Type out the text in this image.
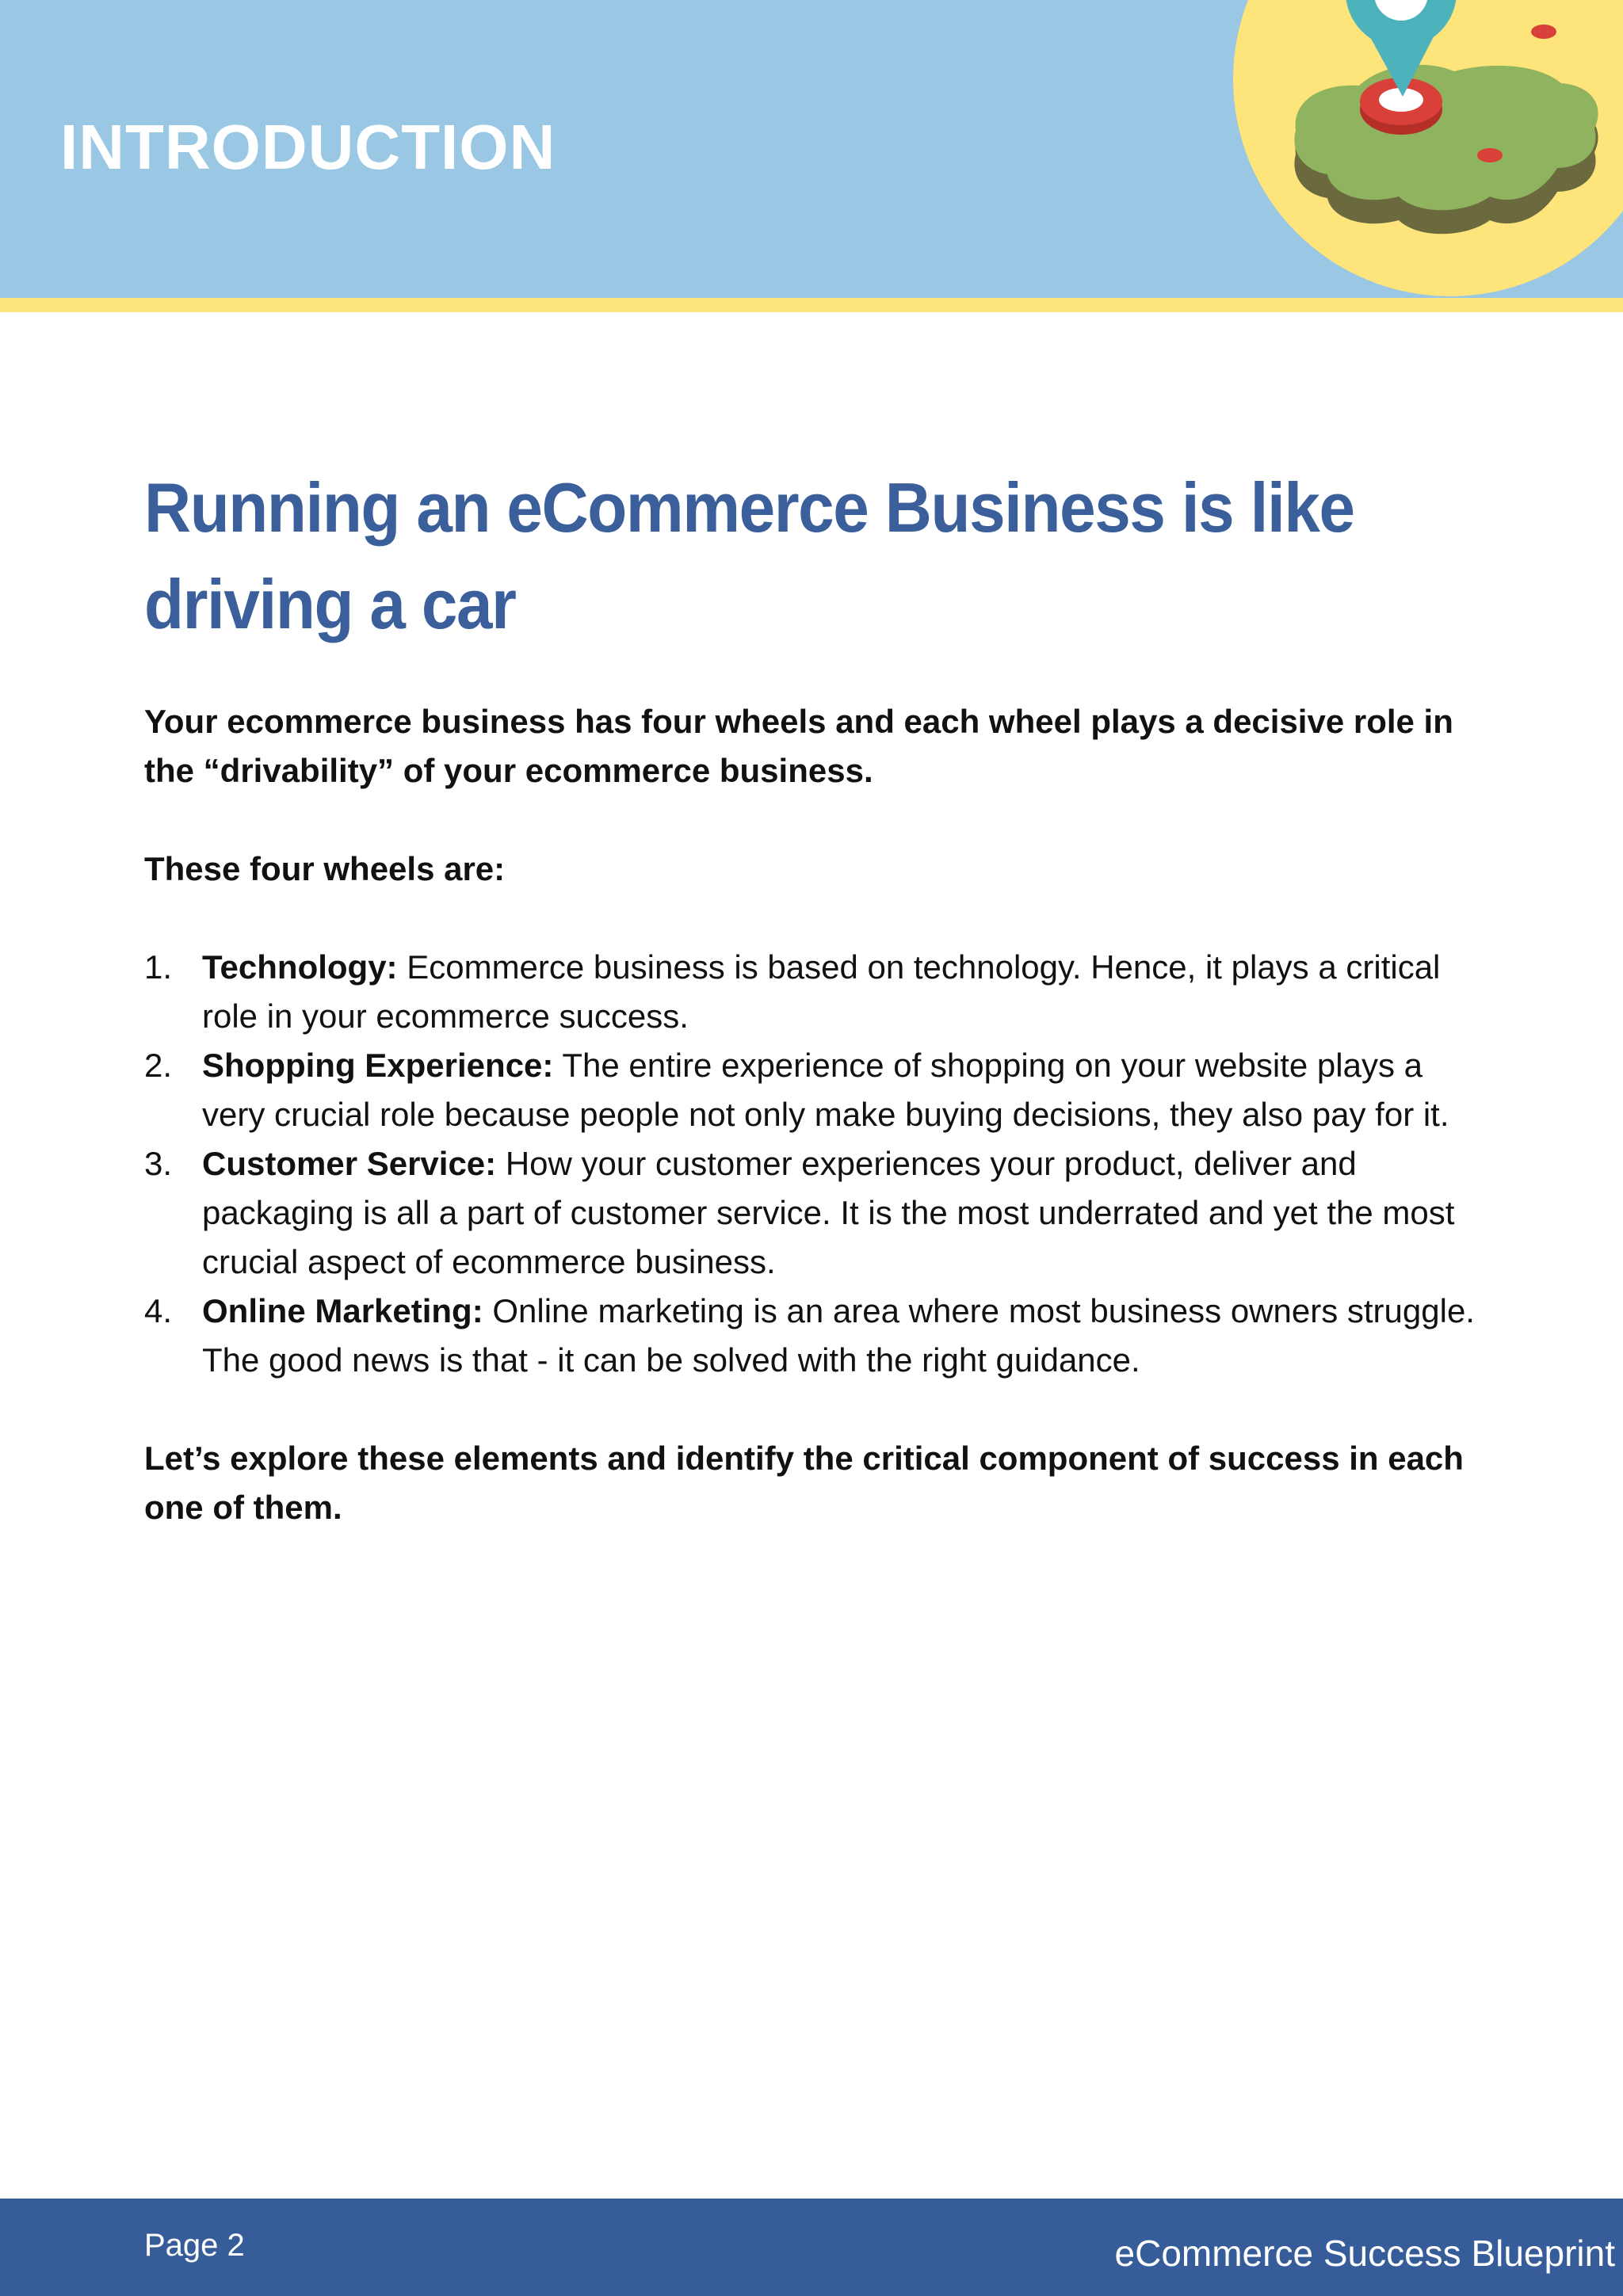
INTRODUCTION
Running an eCommerce Business is like driving a car

Your ecommerce business has four wheels and each wheel plays a decisive role in the “drivability” of your ecommerce business.

These four wheels are:

1. Technology: Ecommerce business is based on technology. Hence, it plays a critical role in your ecommerce success.
2. Shopping Experience: The entire experience of shopping on your website plays a very crucial role because people not only make buying decisions, they also pay for it.
3. Customer Service: How your customer experiences your product, deliver and packaging is all a part of customer service. It is the most underrated and yet the most crucial aspect of ecommerce business.
4. Online Marketing: Online marketing is an area where most business owners struggle. The good news is that - it can be solved with the right guidance.

Let’s explore these elements and identify the critical component of success in each one of them.

Page 2	eCommerce Success Blueprint
